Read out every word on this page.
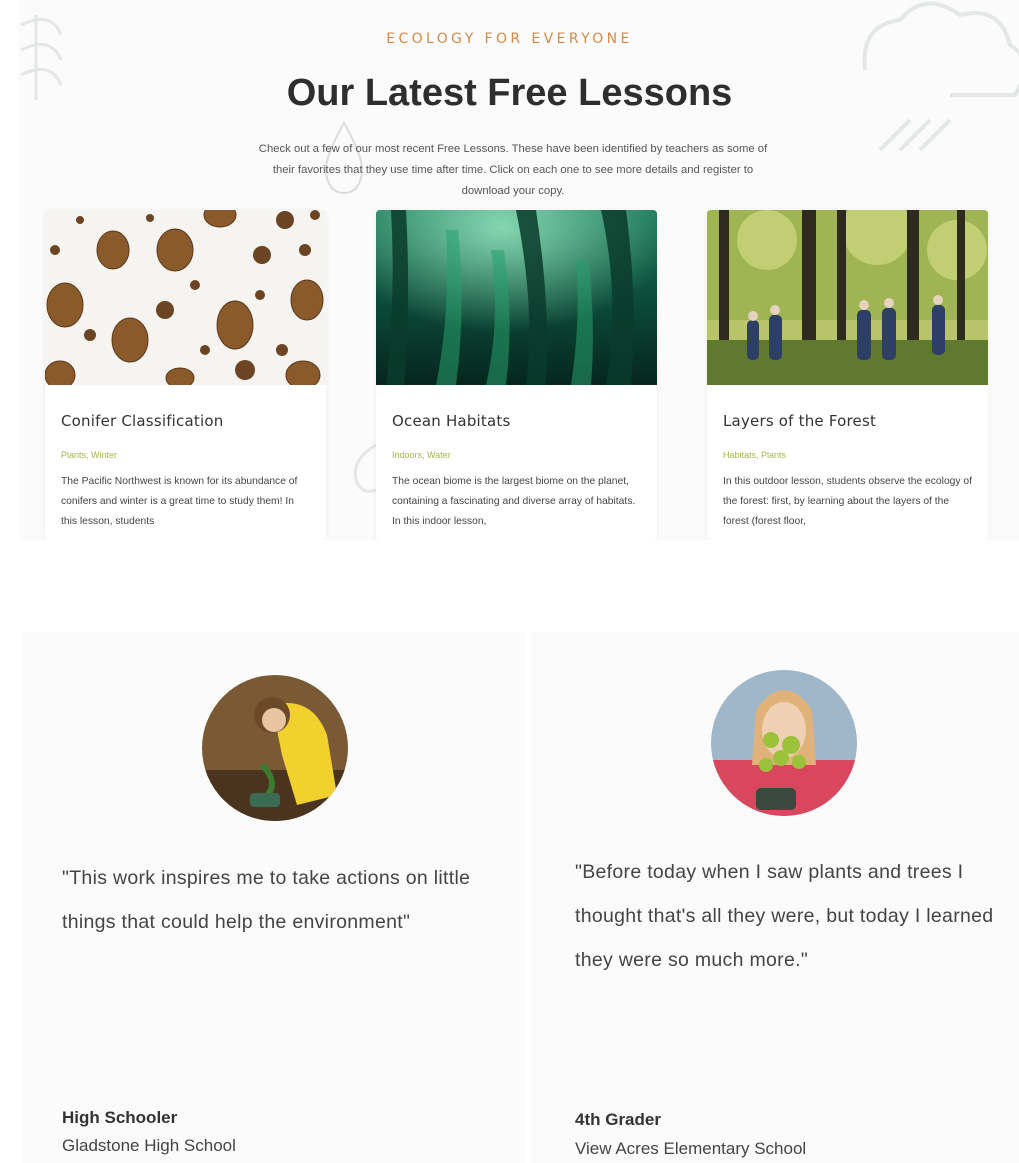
ECOLOGY FOR EVERYONE
Our Latest Free Lessons

Check out a few of our most recent Free Lessons. These have been identified by teachers as some of their favorites that they use time after time. Click on each one to see more details and register to download your copy.

Conifer Classification
Plants, Winter
The Pacific Northwest is known for its abundance of conifers and winter is a great time to study them! In this lesson, students
Ocean Habitats
Indoors, Water
The ocean biome is the largest biome on the planet, containing a fascinating and diverse array of habitats. In this indoor lesson,
Layers of the Forest
Habitats, Plants
In this outdoor lesson, students observe the ecology of the forest: first, by learning about the layers of the forest (forest floor,
"This work inspires me to take actions on little things that could help the environment"
High Schooler
Gladstone High School
"Before today when I saw plants and trees I thought that's all they were, but today I learned they were so much more."
4th Grader
View Acres Elementary School
